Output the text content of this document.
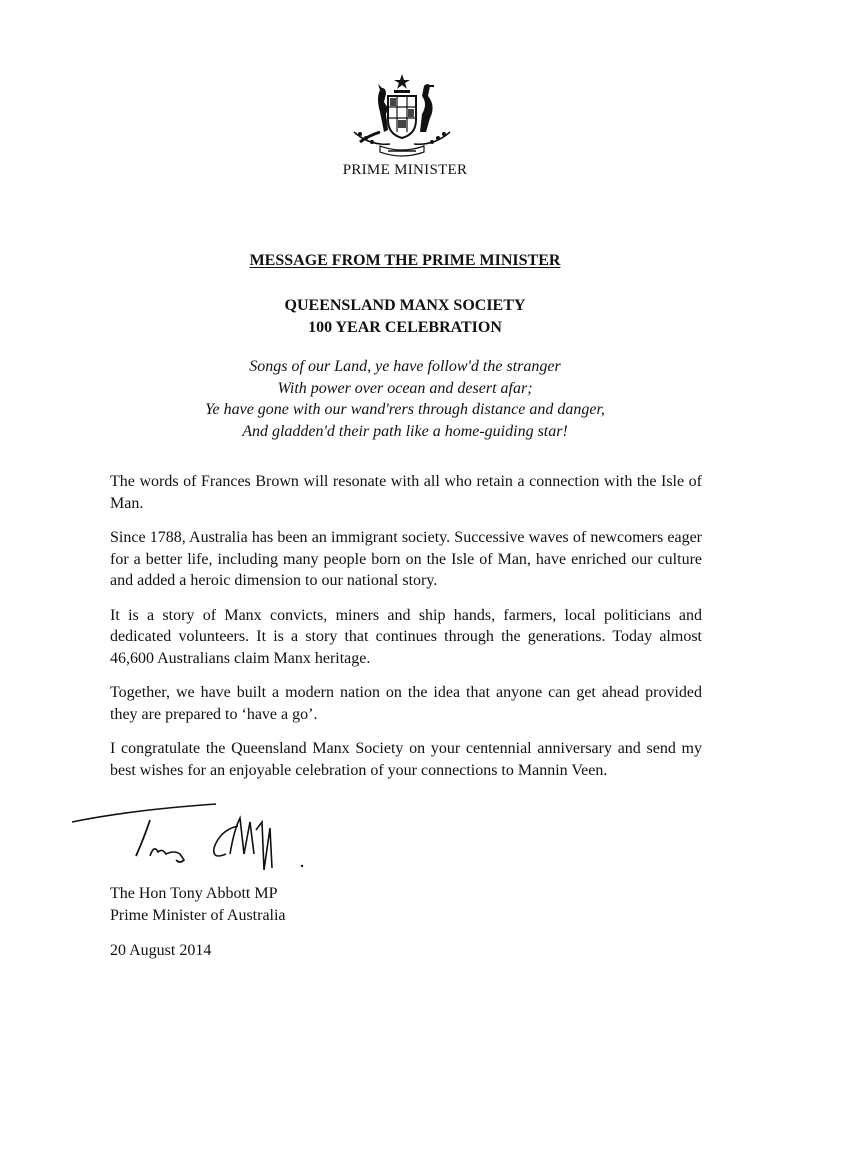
PRIME MINISTER
MESSAGE FROM THE PRIME MINISTER
QUEENSLAND MANX SOCIETY
100 YEAR CELEBRATION
Songs of our Land, ye have follow'd the stranger
With power over ocean and desert afar;
Ye have gone with our wand'rers through distance and danger,
And gladden'd their path like a home-guiding star!

The words of Frances Brown will resonate with all who retain a connection with the Isle of Man.

Since 1788, Australia has been an immigrant society. Successive waves of newcomers eager for a better life, including many people born on the Isle of Man, have enriched our culture and added a heroic dimension to our national story.

It is a story of Manx convicts, miners and ship hands, farmers, local politicians and dedicated volunteers. It is a story that continues through the generations. Today almost 46,600 Australians claim Manx heritage.

Together, we have built a modern nation on the idea that anyone can get ahead provided they are prepared to ‘have a go’.

I congratulate the Queensland Manx Society on your centennial anniversary and send my best wishes for an enjoyable celebration of your connections to Mannin Veen.

The Hon Tony Abbott MP
Prime Minister of Australia
20 August 2014
